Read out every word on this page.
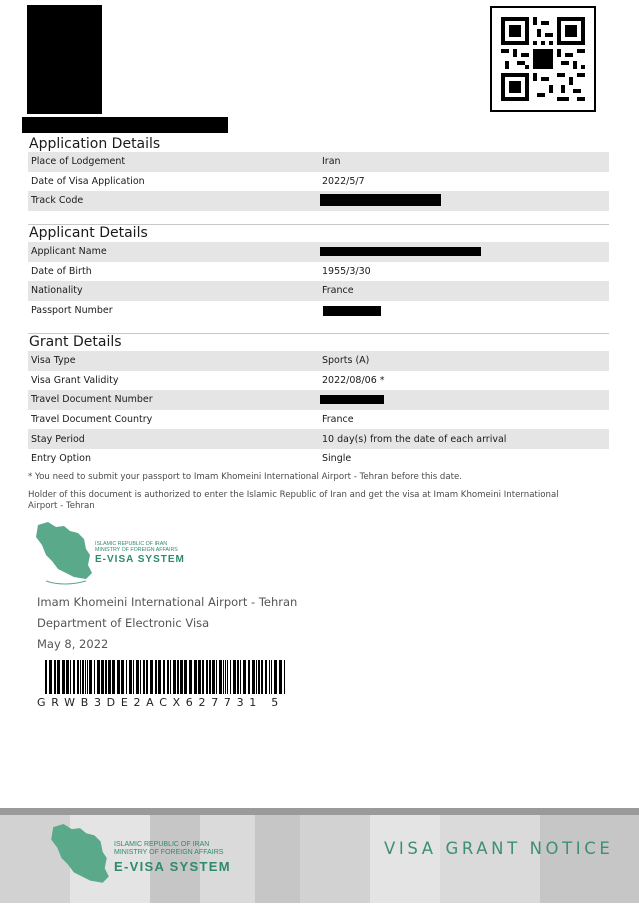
Application Details
Place of Lodgement	Iran
Date of Visa Application	2022/5/7
Track Code
Applicant Details
Applicant Name
Date of Birth	1955/3/30
Nationality	France
Passport Number
Grant Details
Visa Type	Sports (A)
Visa Grant Validity	2022/08/06 *
Travel Document Number
Travel Document Country	France
Stay Period	10 day(s) from the date of each arrival
Entry Option	Single
* You need to submit your passport to Imam Khomeini International Airport - Tehran before this date.
Holder of this document is authorized to enter the Islamic Republic of Iran and get the visa at Imam Khomeini International Airport - Tehran
ISLAMIC REPUBLIC OF IRAN
MINISTRY OF FOREIGN AFFAIRS
E-VISA SYSTEM
Imam Khomeini International Airport - Tehran
Department of Electronic Visa
May 8, 2022
GRWB3DE2ACX627731 5
ISLAMIC REPUBLIC OF IRAN
MINISTRY OF FOREIGN AFFAIRS
E-VISA SYSTEM
VISA GRANT NOTICE
